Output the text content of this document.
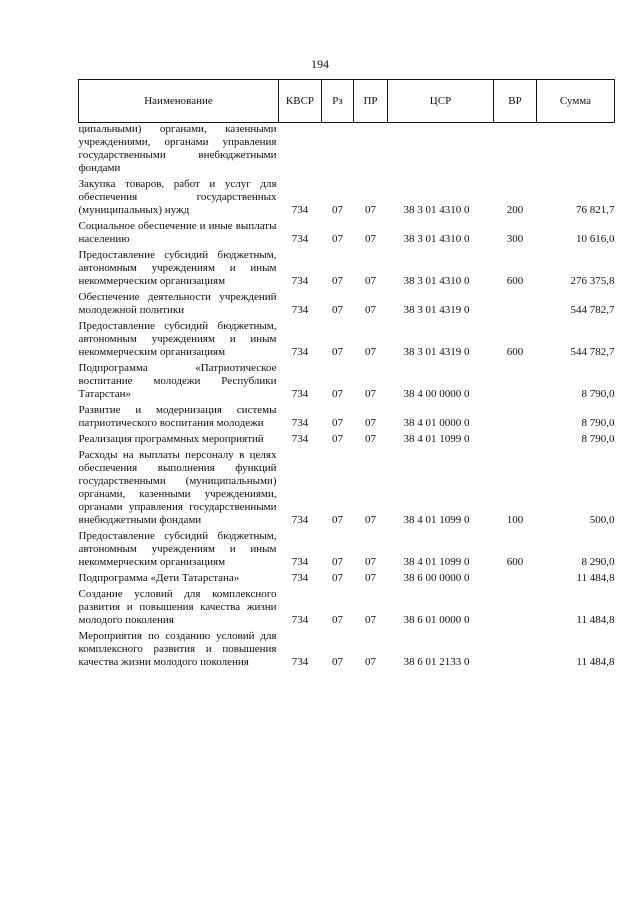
194
Наименование	КВСР	Рз	ПР	ЦСР	ВР	Сумма
ципальными) органами, казенными учреждениями, органами управления государственными внебюджетными фондами						
Закупка товаров, работ и услуг для обеспечения государственных (муниципальных) нужд	734	07	07	38 3 01 4310 0	200	76 821,7
Социальное обеспечение и иные выплаты населению	734	07	07	38 3 01 4310 0	300	10 616,0
Предоставление субсидий бюджетным, автономным учреждениям и иным некоммерческим организациям	734	07	07	38 3 01 4310 0	600	276 375,8
Обеспечение деятельности учреждений молодежной политики	734	07	07	38 3 01 4319 0		544 782,7
Предоставление субсидий бюджетным, автономным учреждениям и иным некоммерческим организациям	734	07	07	38 3 01 4319 0	600	544 782,7
Подпрограмма «Патриотическое воспитание молодежи Республики Татарстан»	734	07	07	38 4 00 0000 0		8 790,0
Развитие и модернизация системы патриотического воспитания молодежи	734	07	07	38 4 01 0000 0		8 790,0
Реализация программных мероприятий	734	07	07	38 4 01 1099 0		8 790,0
Расходы на выплаты персоналу в целях обеспечения выполнения функций государственными (муниципальными) органами, казенными учреждениями, органами управления государственными внебюджетными фондами	734	07	07	38 4 01 1099 0	100	500,0
Предоставление субсидий бюджетным, автономным учреждениям и иным некоммерческим организациям	734	07	07	38 4 01 1099 0	600	8 290,0
Подпрограмма «Дети Татарстана»	734	07	07	38 6 00 0000 0		11 484,8
Создание условий для комплексного развития и повышения качества жизни молодого поколения	734	07	07	38 6 01 0000 0		11 484,8
Мероприятия по созданию условий для комплексного развития и повышения качества жизни молодого поколения	734	07	07	38 6 01 2133 0		11 484,8
